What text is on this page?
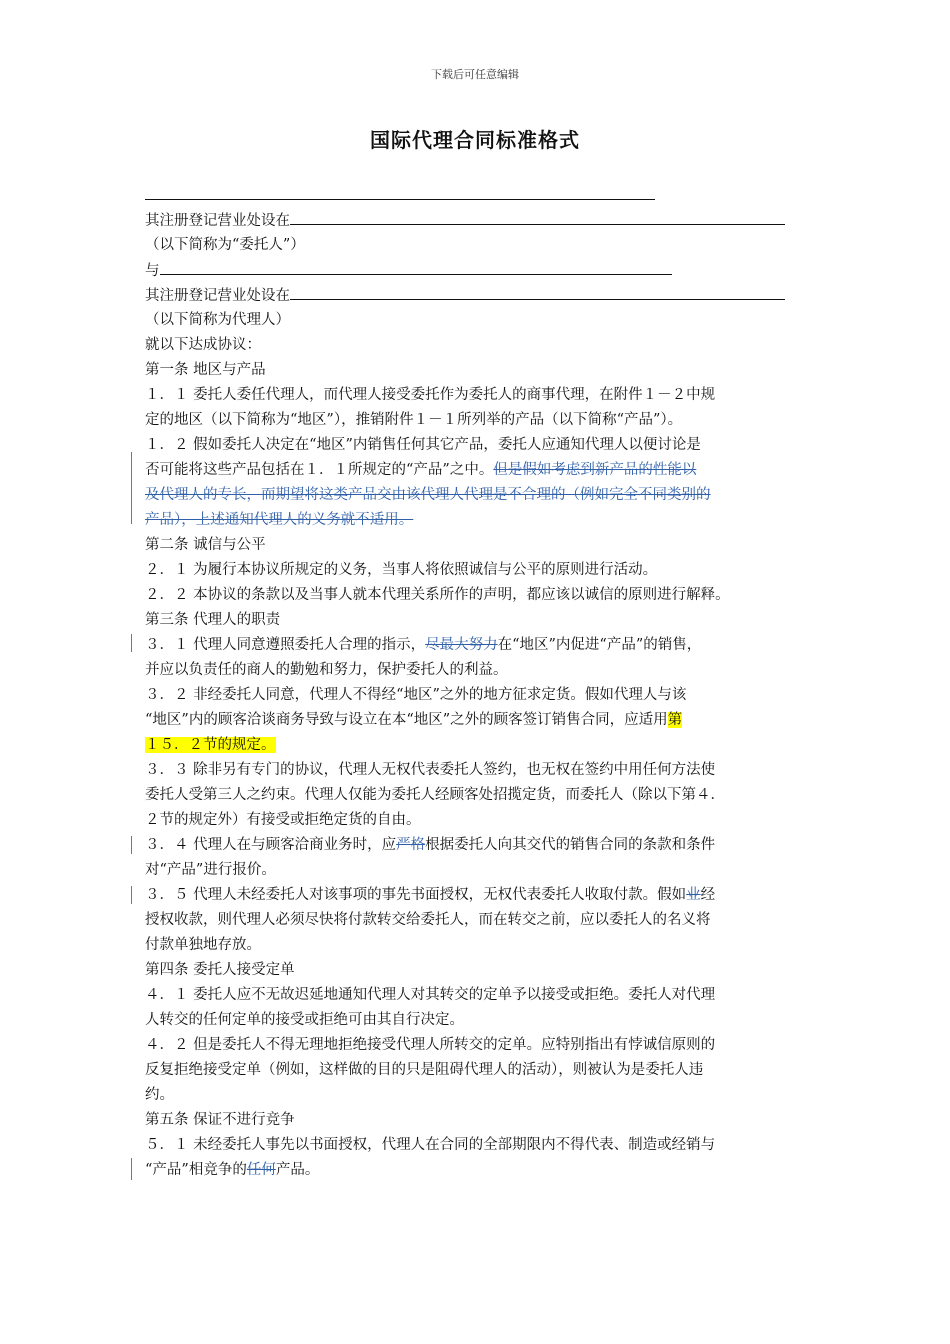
下载后可任意编辑
国际代理合同标准格式
其注册登记营业处设在
（以下简称为“委托人”）
与
其注册登记营业处设在
（以下简称为代理人）
就以下达成协议：
第一条 地区与产品
１．１ 委托人委任代理人，而代理人接受委托作为委托人的商事代理，在附件１－２中规
定的地区（以下简称为“地区”），推销附件１－１所列举的产品（以下简称“产品”）。
１．２ 假如委托人决定在“地区”内销售任何其它产品，委托人应通知代理人以便讨论是
否可能将这些产品包括在１．１所规定的“产品”之中。但是假如考虑到新产品的性能以
及代理人的专长，而期望将这类产品交由该代理人代理是不合理的（例如完全不同类别的
产品），上述通知代理人的义务就不适用。
第二条 诚信与公平
２．１ 为履行本协议所规定的义务，当事人将依照诚信与公平的原则进行活动。
２．２ 本协议的条款以及当事人就本代理关系所作的声明，都应该以诚信的原则进行解释。
第三条 代理人的职责
３．１ 代理人同意遵照委托人合理的指示，尽最大努力在“地区”内促进“产品”的销售，
并应以负责任的商人的勤勉和努力，保护委托人的利益。
３．２ 非经委托人同意，代理人不得经“地区”之外的地方征求定货。假如代理人与该
“地区”内的顾客洽谈商务导致与设立在本“地区”之外的顾客签订销售合同，应适用第
１５．２节的规定。
３．３ 除非另有专门的协议，代理人无权代表委托人签约，也无权在签约中用任何方法使
委托人受第三人之约束。代理人仅能为委托人经顾客处招揽定货，而委托人（除以下第４．
２节的规定外）有接受或拒绝定货的自由。
３．４ 代理人在与顾客洽商业务时，应严格根据委托人向其交代的销售合同的条款和条件
对“产品”进行报价。
３．５ 代理人未经委托人对该事项的事先书面授权，无权代表委托人收取付款。假如业经
授权收款，则代理人必须尽快将付款转交给委托人，而在转交之前，应以委托人的名义将
付款单独地存放。
第四条 委托人接受定单
４．１ 委托人应不无故迟延地通知代理人对其转交的定单予以接受或拒绝。委托人对代理
人转交的任何定单的接受或拒绝可由其自行决定。
４．２ 但是委托人不得无理地拒绝接受代理人所转交的定单。应特别指出有悖诚信原则的
反复拒绝接受定单（例如，这样做的目的只是阻碍代理人的活动），则被认为是委托人违
约。
第五条 保证不进行竞争
５．１ 未经委托人事先以书面授权，代理人在合同的全部期限内不得代表、制造或经销与
“产品”相竞争的任何产品。
